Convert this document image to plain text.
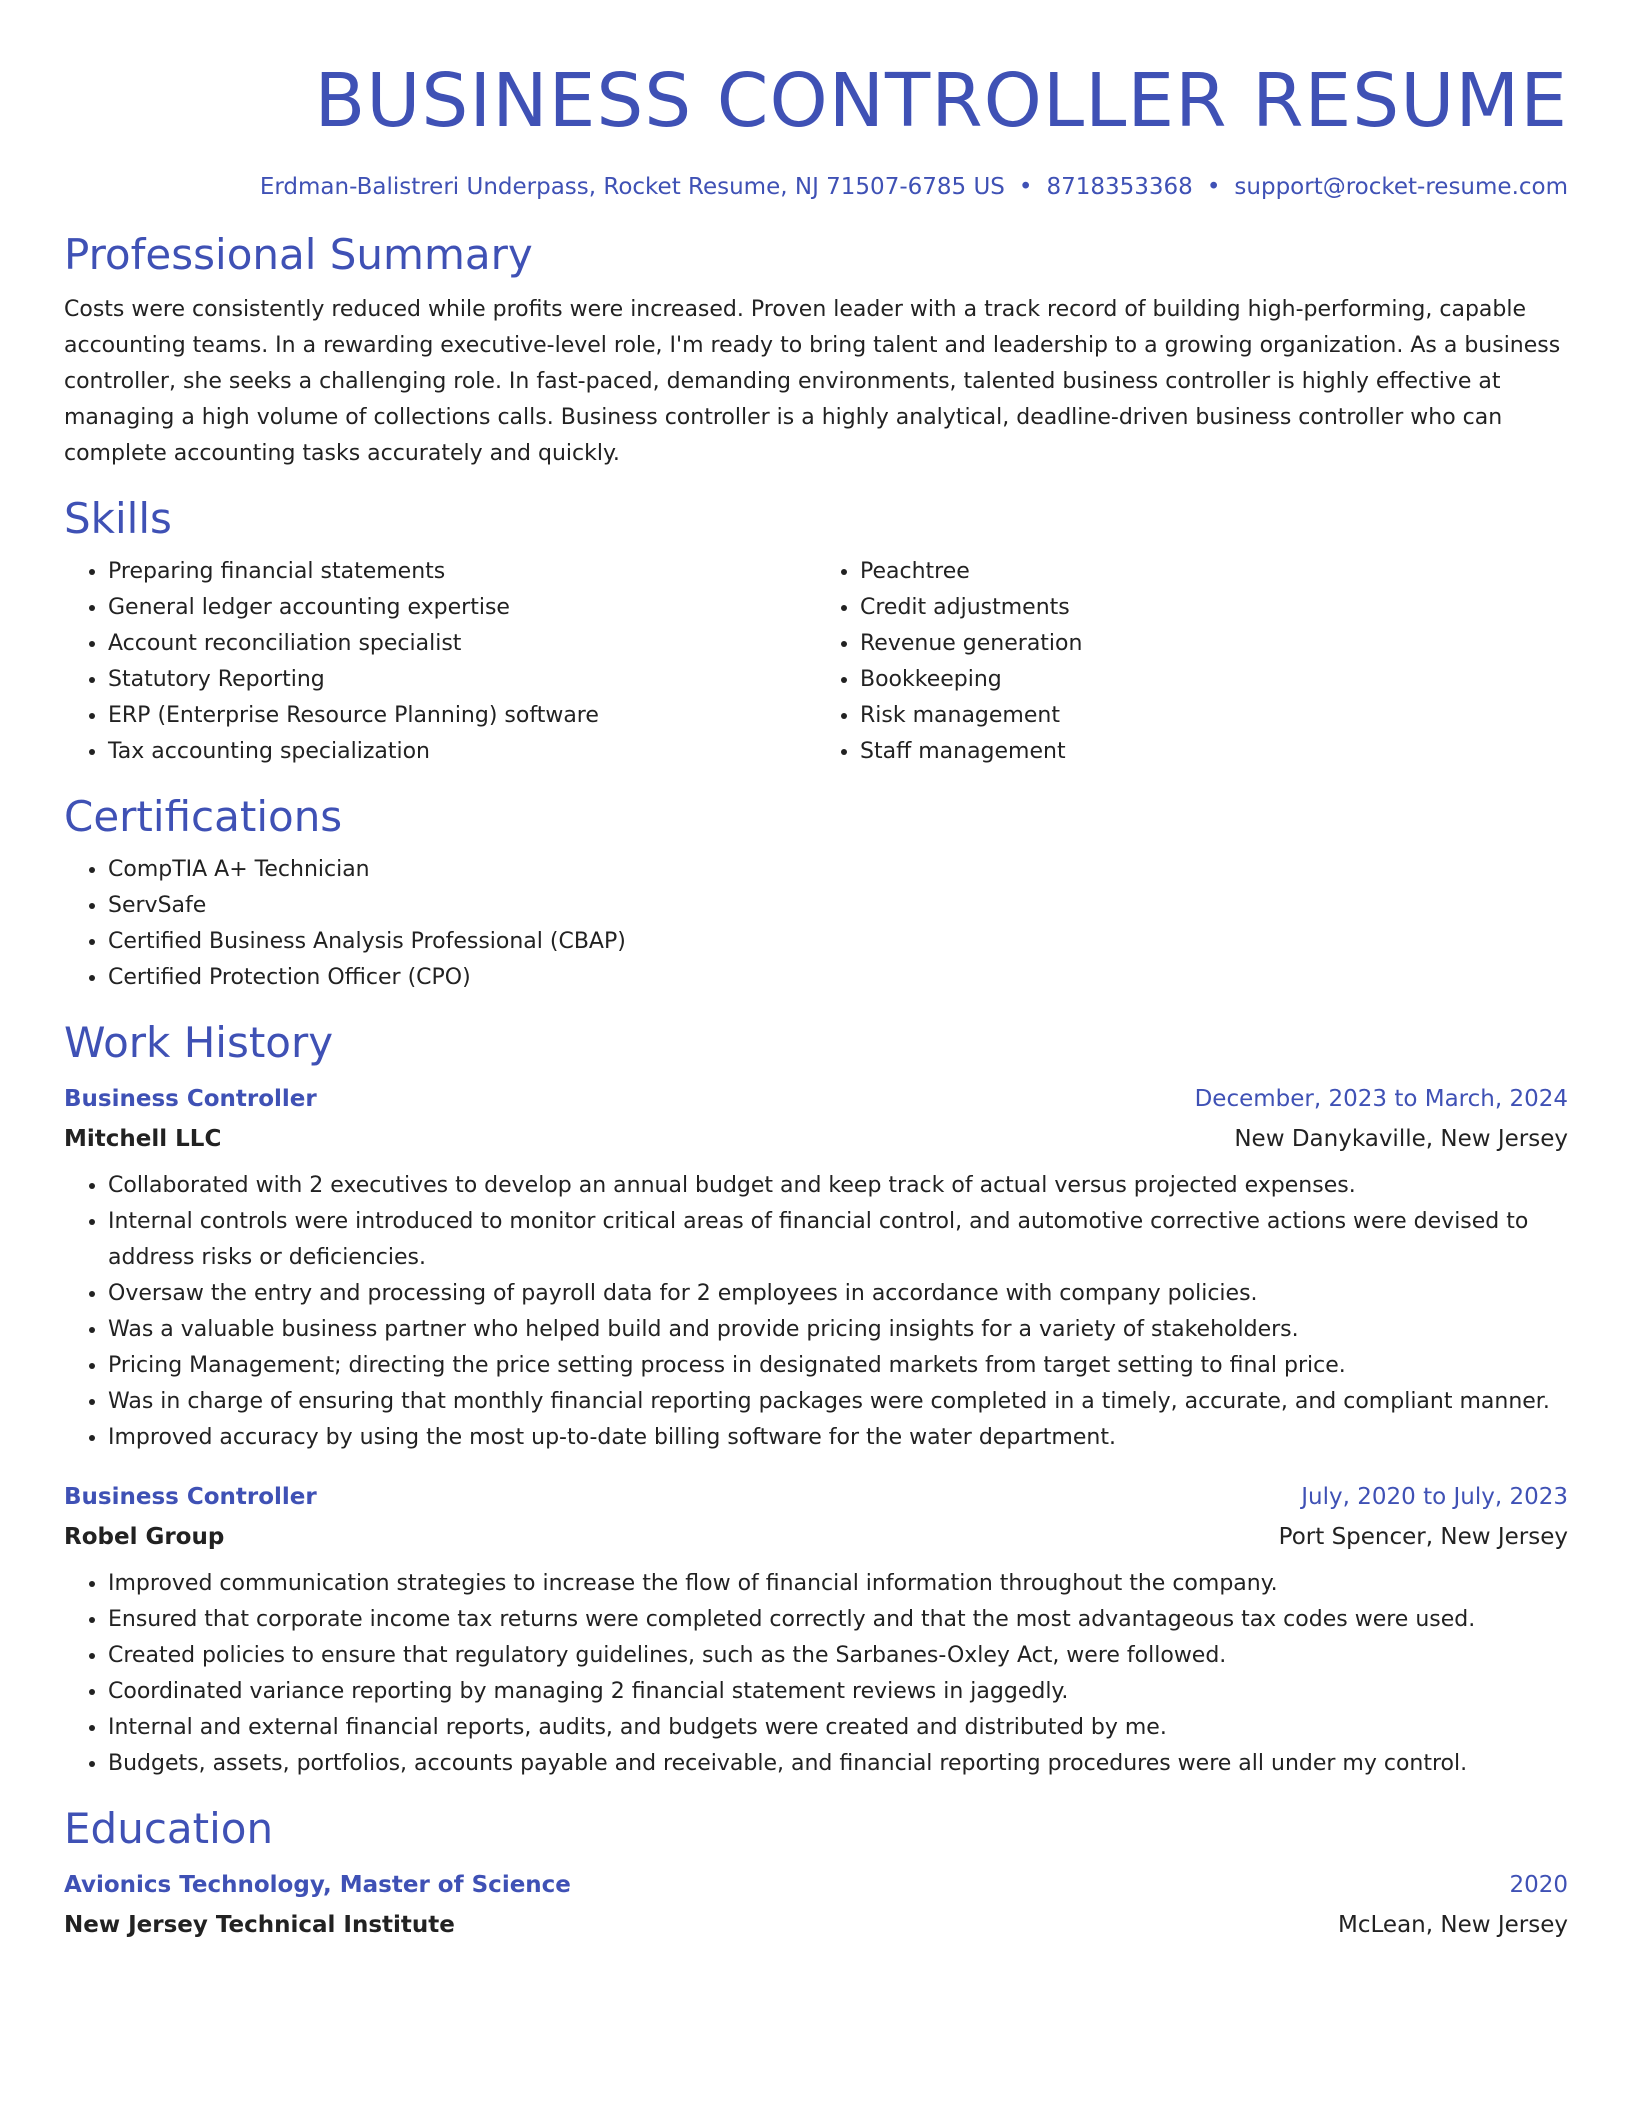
BUSINESS CONTROLLER RESUME
Erdman-Balistreri Underpass, Rocket Resume, NJ 71507-6785 US • 8718353368 • support@rocket-resume.com
Professional Summary

Costs were consistently reduced while profits were increased. Proven leader with a track record of building high-performing, capable accounting teams. In a rewarding executive-level role, I'm ready to bring talent and leadership to a growing organization. As a business controller, she seeks a challenging role. In fast-paced, demanding environments, talented business controller is highly effective at managing a high volume of collections calls. Business controller is a highly analytical, deadline-driven business controller who can complete accounting tasks accurately and quickly.

Skills
• Preparing financial statements
• General ledger accounting expertise
• Account reconciliation specialist
• Statutory Reporting
• ERP (Enterprise Resource Planning) software
• Tax accounting specialization
• Peachtree
• Credit adjustments
• Revenue generation
• Bookkeeping
• Risk management
• Staff management
Certifications
• CompTIA A+ Technician
• ServSafe
• Certified Business Analysis Professional (CBAP)
• Certified Protection Officer (CPO)
Work History
Business Controller	December, 2023 to March, 2024
Mitchell LLC	New Danykaville, New Jersey
• Collaborated with 2 executives to develop an annual budget and keep track of actual versus projected expenses.
• Internal controls were introduced to monitor critical areas of financial control, and automotive corrective actions were devised to address risks or deficiencies.
• Oversaw the entry and processing of payroll data for 2 employees in accordance with company policies.
• Was a valuable business partner who helped build and provide pricing insights for a variety of stakeholders.
• Pricing Management; directing the price setting process in designated markets from target setting to final price.
• Was in charge of ensuring that monthly financial reporting packages were completed in a timely, accurate, and compliant manner.
• Improved accuracy by using the most up-to-date billing software for the water department.
Business Controller	July, 2020 to July, 2023
Robel Group	Port Spencer, New Jersey
• Improved communication strategies to increase the flow of financial information throughout the company.
• Ensured that corporate income tax returns were completed correctly and that the most advantageous tax codes were used.
• Created policies to ensure that regulatory guidelines, such as the Sarbanes-Oxley Act, were followed.
• Coordinated variance reporting by managing 2 financial statement reviews in jaggedly.
• Internal and external financial reports, audits, and budgets were created and distributed by me.
• Budgets, assets, portfolios, accounts payable and receivable, and financial reporting procedures were all under my control.
Education
Avionics Technology, Master of Science	2020
New Jersey Technical Institute	McLean, New Jersey
